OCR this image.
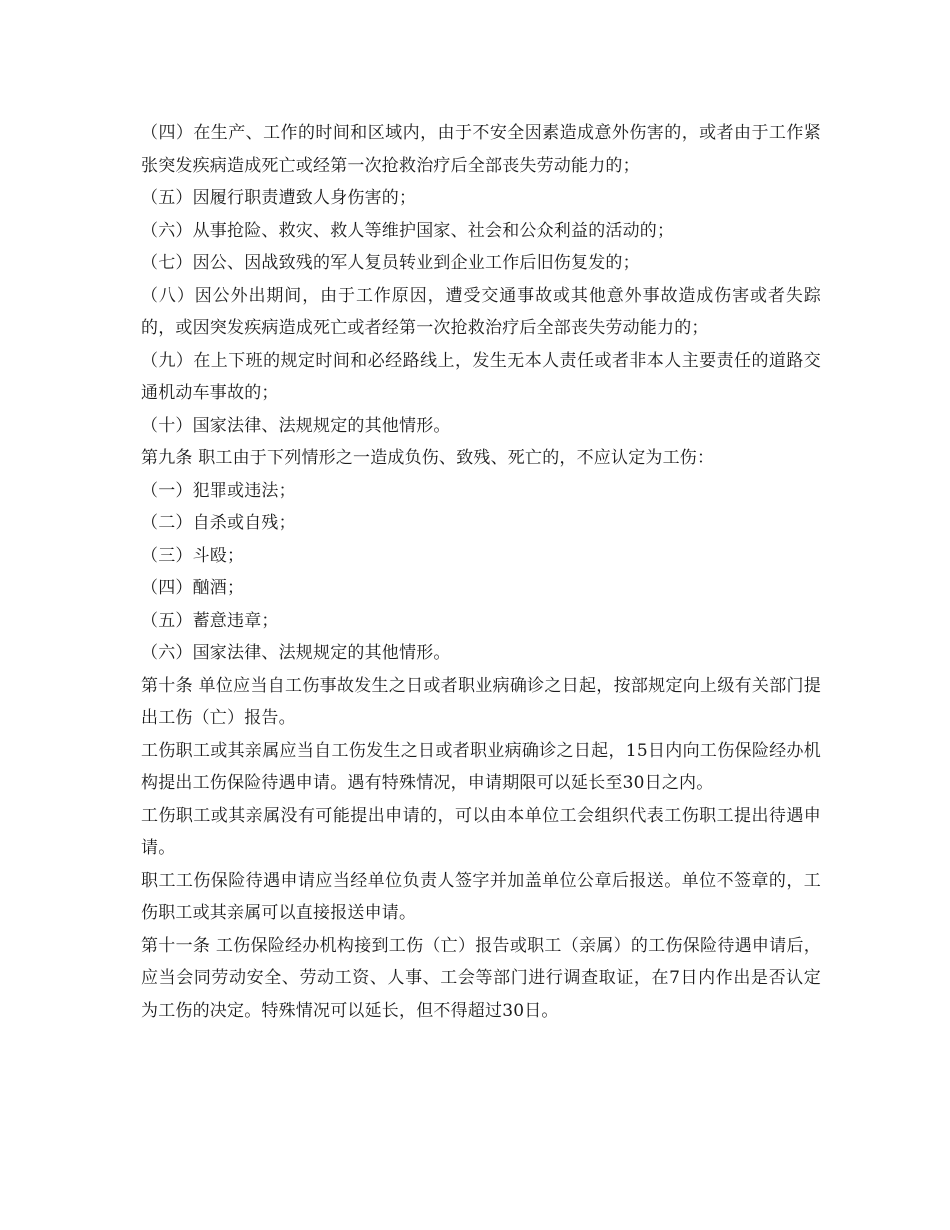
（四）在生产、工作的时间和区域内，由于不安全因素造成意外伤害的，或者由于工作紧张突发疾病造成死亡或经第一次抢救治疗后全部丧失劳动能力的；

（五）因履行职责遭致人身伤害的；

（六）从事抢险、救灾、救人等维护国家、社会和公众利益的活动的；

（七）因公、因战致残的军人复员转业到企业工作后旧伤复发的；

（八）因公外出期间，由于工作原因，遭受交通事故或其他意外事故造成伤害或者失踪的，或因突发疾病造成死亡或者经第一次抢救治疗后全部丧失劳动能力的；

（九）在上下班的规定时间和必经路线上，发生无本人责任或者非本人主要责任的道路交通机动车事故的；

（十）国家法律、法规规定的其他情形。

第九条 职工由于下列情形之一造成负伤、致残、死亡的，不应认定为工伤：

（一）犯罪或违法；

（二）自杀或自残；

（三）斗殴；

（四）酗酒；

（五）蓄意违章；

（六）国家法律、法规规定的其他情形。

第十条 单位应当自工伤事故发生之日或者职业病确诊之日起，按部规定向上级有关部门提出工伤（亡）报告。

工伤职工或其亲属应当自工伤发生之日或者职业病确诊之日起，15日内向工伤保险经办机构提出工伤保险待遇申请。遇有特殊情况，申请期限可以延长至30日之内。

工伤职工或其亲属没有可能提出申请的，可以由本单位工会组织代表工伤职工提出待遇申请。

职工工伤保险待遇申请应当经单位负责人签字并加盖单位公章后报送。单位不签章的，工伤职工或其亲属可以直接报送申请。

第十一条 工伤保险经办机构接到工伤（亡）报告或职工（亲属）的工伤保险待遇申请后，应当会同劳动安全、劳动工资、人事、工会等部门进行调查取证，在7日内作出是否认定为工伤的决定。特殊情况可以延长，但不得超过30日。
